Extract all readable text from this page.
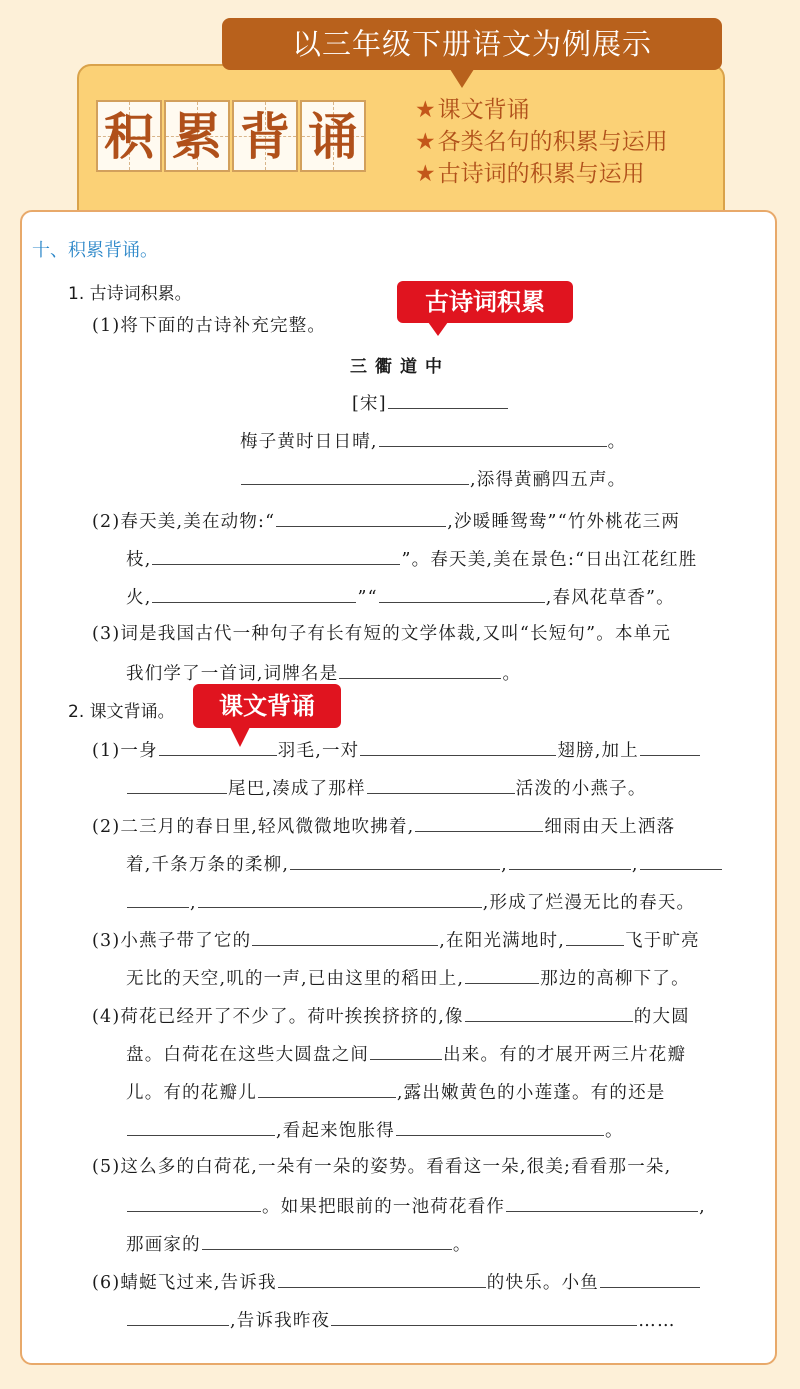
以三年级下册语文为例展示
积 累 背 诵	★课文背诵
★各类名句的积累与运用
★古诗词的积累与运用
十、积累背诵。
1. 古诗词积累。	古诗词积累
(1)将下面的古诗补充完整。
三衢道中
[宋]
梅子黄时日日晴,	。
,添得黄鹂四五声。
(2)春天美,美在动物:“	,沙暖睡鸳鸯”“竹外桃花三两
枝,	”。春天美,美在景色:“日出江花红胜
火,	”“	,春风花草香”。
(3)词是我国古代一种句子有长有短的文学体裁,又叫“长短句”。本单元
我们学了一首词,词牌名是	。
2. 课文背诵。	课文背诵
(1)一身	羽毛,一对	翅膀,加上
尾巴,凑成了那样	活泼的小燕子。
(2)二三月的春日里,轻风微微地吹拂着,	细雨由天上洒落
着,千条万条的柔柳,	,	,
,	,形成了烂漫无比的春天。
(3)小燕子带了它的	,在阳光满地时,	飞于旷亮
无比的天空,叽的一声,已由这里的稻田上,	那边的高柳下了。
(4)荷花已经开了不少了。荷叶挨挨挤挤的,像	的大圆
盘。白荷花在这些大圆盘之间	出来。有的才展开两三片花瓣
儿。有的花瓣儿	,露出嫩黄色的小莲蓬。有的还是
,看起来饱胀得	。
(5)这么多的白荷花,一朵有一朵的姿势。看看这一朵,很美;看看那一朵,
。如果把眼前的一池荷花看作	,
那画家的	。
(6)蜻蜓飞过来,告诉我	的快乐。小鱼
,告诉我昨夜	……
